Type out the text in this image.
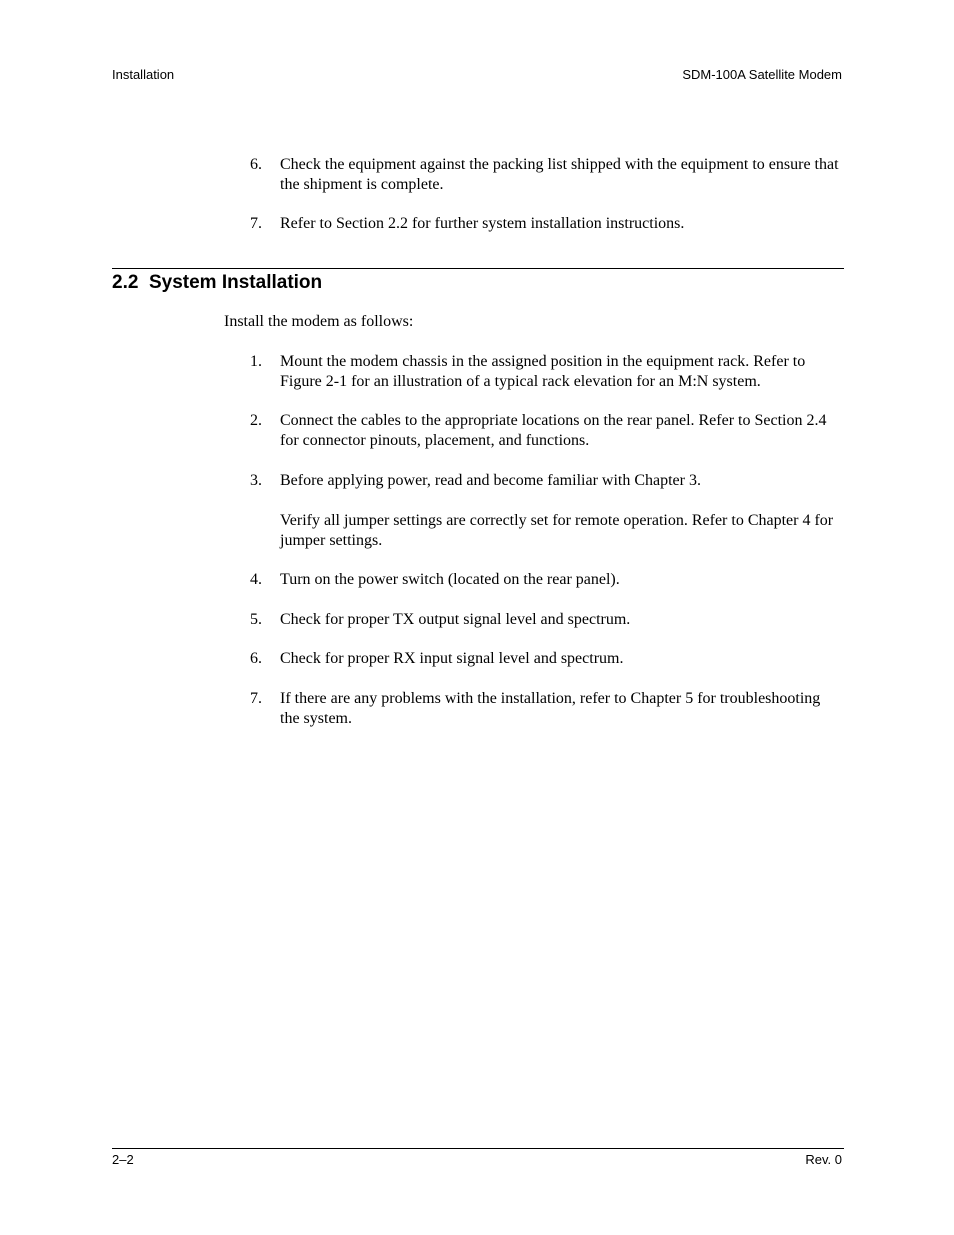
Installation	SDM-100A Satellite Modem
6.	Check the equipment against the packing list shipped with the equipment to ensure that the shipment is complete.

7.	Refer to Section 2.2 for further system installation instructions.

2.2  System Installation
Install the modem as follows:
1.	Mount the modem chassis in the assigned position in the equipment rack. Refer to Figure 2-1 for an illustration of a typical rack elevation for an M:N system.

2.	Connect the cables to the appropriate locations on the rear panel. Refer to Section 2.4 for connector pinouts, placement, and functions.

3.	Before applying power, read and become familiar with Chapter 3.

Verify all jumper settings are correctly set for remote operation. Refer to Chapter 4 for jumper settings.

4.	Turn on the power switch (located on the rear panel).

5.	Check for proper TX output signal level and spectrum.

6.	Check for proper RX input signal level and spectrum.

7.	If there are any problems with the installation, refer to Chapter 5 for troubleshooting the system.

2–2	Rev. 0
